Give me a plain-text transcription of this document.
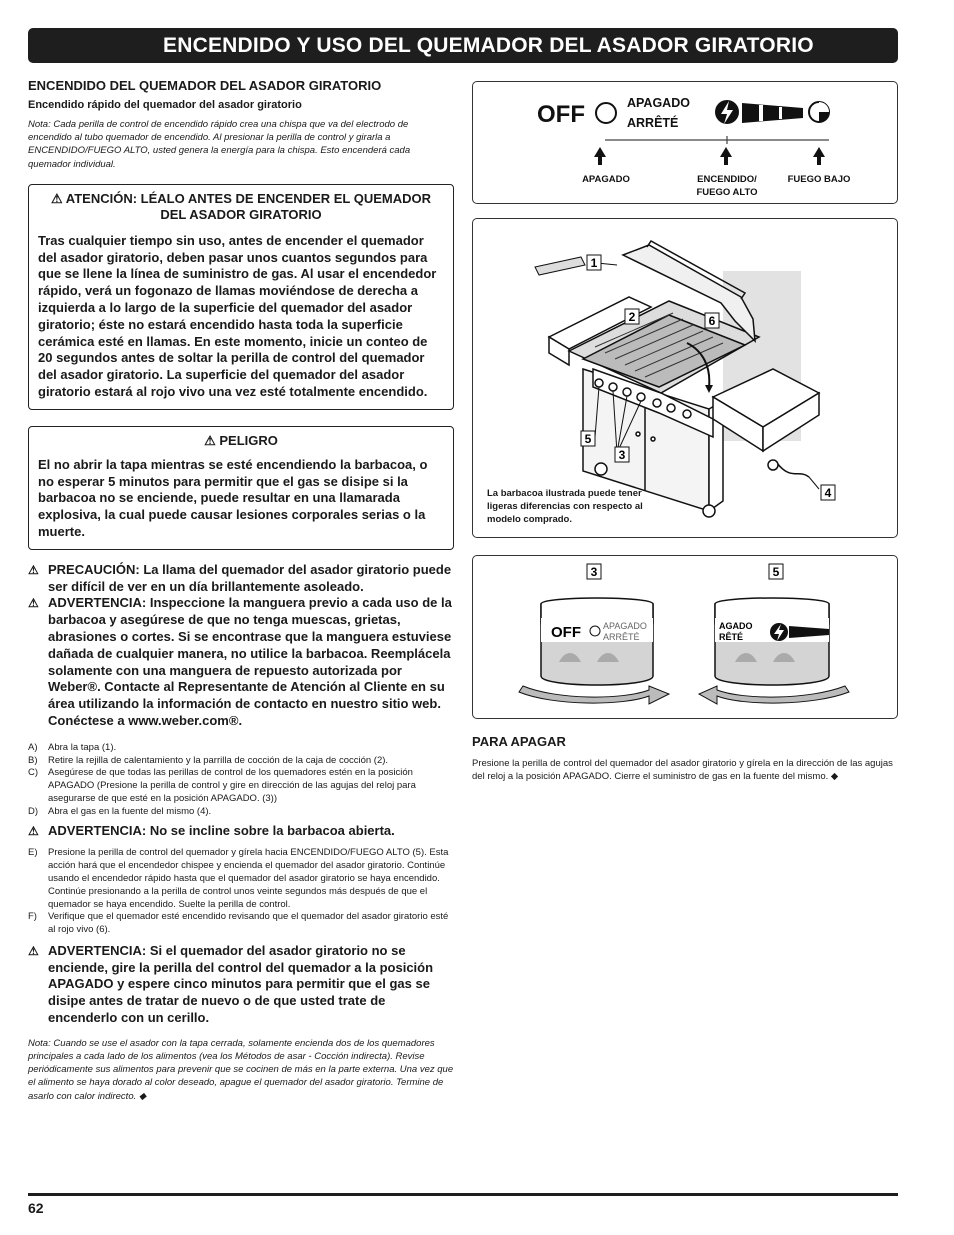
ENCENDIDO Y USO DEL QUEMADOR DEL ASADOR GIRATORIO
ENCENDIDO DEL QUEMADOR DEL ASADOR GIRATORIO
Encendido rápido del quemador del asador giratorio

Nota: Cada perilla de control de encendido rápido crea una chispa que va del electrodo de encendido al tubo quemador de encendido. Al presionar la perilla de control y girarla a ENCENDIDO/FUEGO ALTO, usted genera la energía para la chispa. Esto encenderá cada quemador individual.

⚠ ATENCIÓN: LÉALO ANTES DE ENCENDER EL QUEMADOR DEL ASADOR GIRATORIO
Tras cualquier tiempo sin uso, antes de encender el quemador del asador giratorio, deben pasar unos cuantos segundos para que se llene la línea de suministro de gas. Al usar el encendedor rápido, verá un fogonazo de llamas moviéndose de derecha a izquierda a lo largo de la superficie del quemador del asador giratorio; éste no estará encendido hasta toda la superficie cerámica esté en llamas. En este momento, inicie un conteo de 20 segundos antes de soltar la perilla de control del quemador del asador giratorio. La superficie del quemador del asador giratorio estará al rojo vivo una vez esté totalmente encendido.
⚠ PELIGRO
El no abrir la tapa mientras se esté encendiendo la barbacoa, o no esperar 5 minutos para permitir que el gas se disipe si la barbacoa no se enciende, puede resultar en una llamarada explosiva, la cual puede causar lesiones corporales serias o la muerte.
⚠ PRECAUCIÓN: La llama del quemador del asador giratorio puede ser difícil de ver en un día brillantemente asoleado.
⚠ ADVERTENCIA: Inspeccione la manguera previo a cada uso de la barbacoa y asegúrese de que no tenga muescas, grietas, abrasiones o cortes. Si se encontrase que la manguera estuviese dañada de cualquier manera, no utilice la barbacoa. Reemplácela solamente con una manguera de repuesto autorizada por Weber®. Contacte al Representante de Atención al Cliente en su área utilizando la información de contacto en nuestro sitio web. Conéctese a www.weber.com®.
A)	Abra la tapa (1).
B)	Retire la rejilla de calentamiento y la parrilla de cocción de la caja de cocción (2).
C)	Asegúrese de que todas las perillas de control de los quemadores estén en la posición APAGADO (Presione la perilla de control y gire en dirección de las agujas del reloj para asegurarse de que esté en la posición APAGADO. (3))
D)	Abra el gas en la fuente del mismo (4).
⚠ ADVERTENCIA: No se incline sobre la barbacoa abierta.
E)	Presione la perilla de control del quemador y gírela hacia ENCENDIDO/FUEGO ALTO (5). Esta acción hará que el encendedor chispee y encienda el quemador del asador giratorio. Continúe usando el encendedor rápido hasta que el quemador del asador giratorio se haya encendido. Continúe presionando a la perilla de control unos veinte segundos más después de que el quemador se haya encendido. Suelte la perilla de control.
F)	Verifique que el quemador esté encendido revisando que el quemador del asador giratorio esté al rojo vivo (6).
⚠ ADVERTENCIA: Si el quemador del asador giratorio no se enciende, gire la perilla del control del quemador a la posición APAGADO y espere cinco minutos para permitir que el gas se disipe antes de tratar de nuevo o de que usted trate de encenderlo con un cerillo.

Nota: Cuando se use el asador con la tapa cerrada, solamente encienda dos de los quemadores principales a cada lado de los alimentos (vea los Métodos de asar - Cocción indirecta). Revise periódicamente sus alimentos para prevenir que se cocinen de más en la parte externa. Una vez que el alimento se haya dorado al color deseado, apague el quemador del asador giratorio. Termine de asarlo con calor indirecto. ◆

OFF	APAGADO
ARRÊTÉ
APAGADO	ENCENDIDO/
FUEGO ALTO
FUEGO BAJO
1
2	6
5
3
4
La barbacoa ilustrada puede tener ligeras diferencias con respecto al modelo comprado.
OFF APAGADO
ARRÊTÉ
AGADO
RÊTÉ
3	5
PARA APAGAR

Presione la perilla de control del quemador del asador giratorio y gírela en la dirección de las agujas del reloj a la posición APAGADO. Cierre el suministro de gas en la fuente del mismo. ◆

62
